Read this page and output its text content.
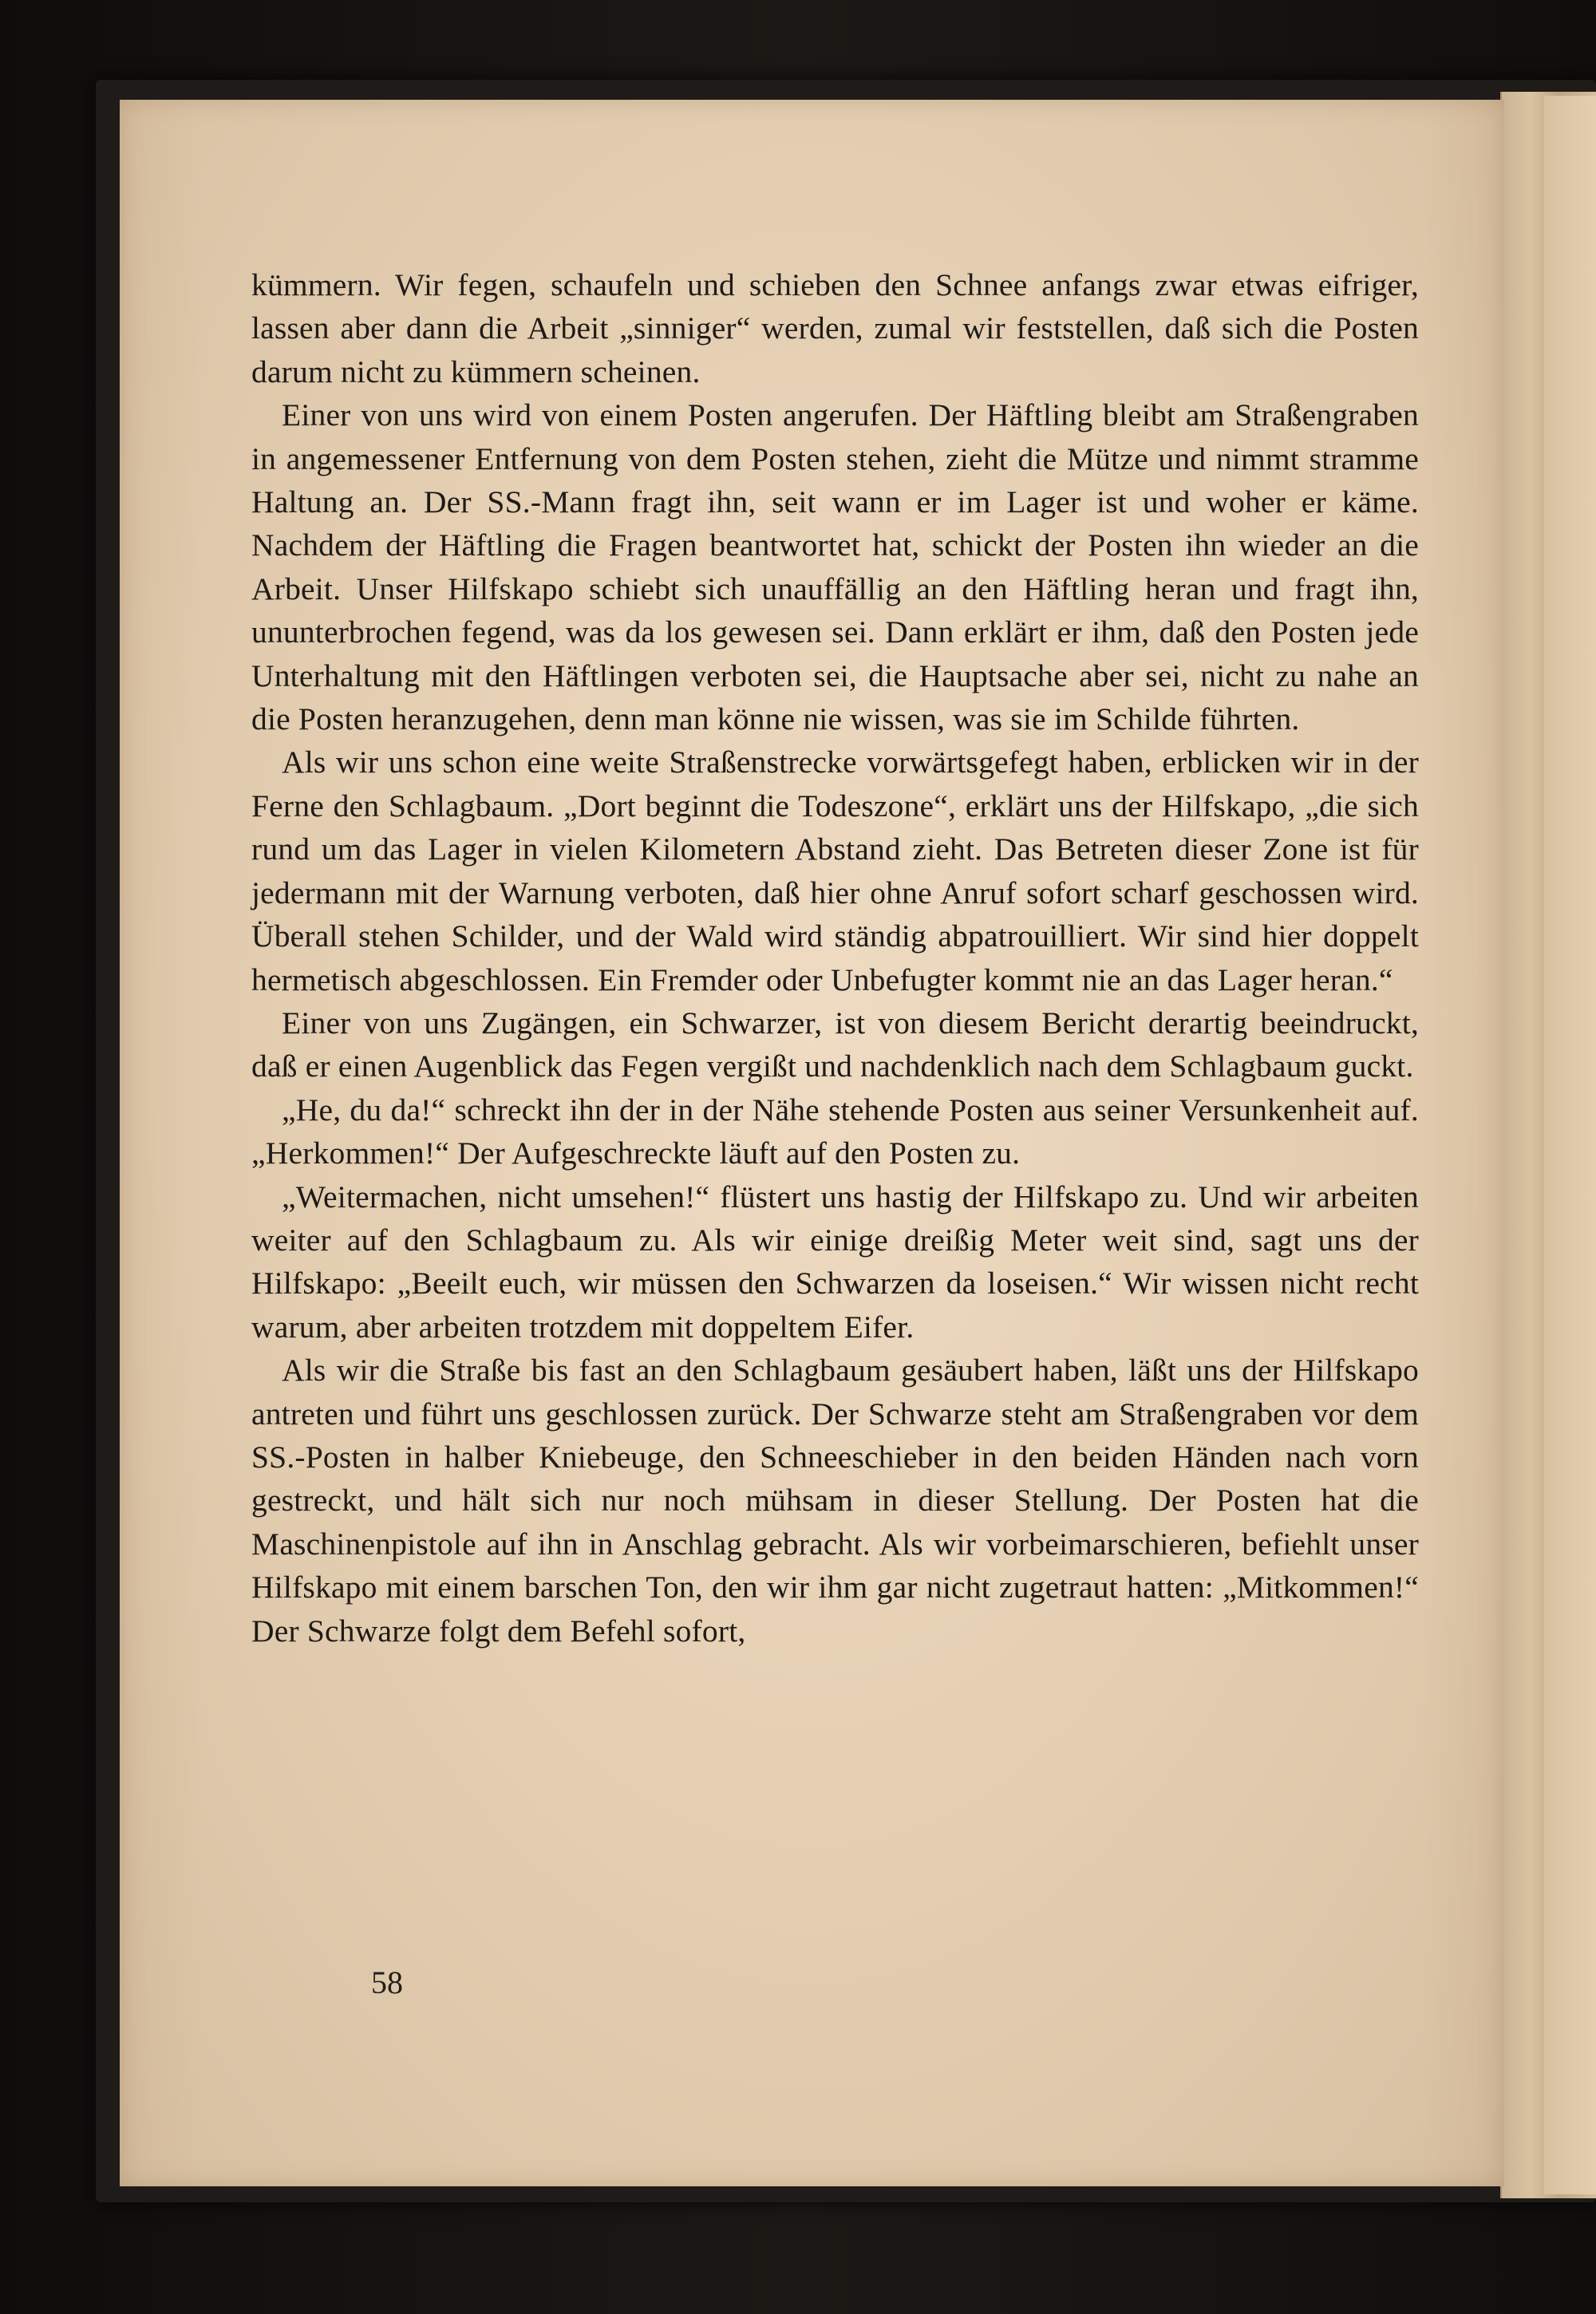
kümmern. Wir fegen, schaufeln und schieben den Schnee anfangs zwar etwas eifriger, lassen aber dann die Arbeit „sinniger“ werden, zumal wir feststellen, daß sich die Posten darum nicht zu kümmern scheinen.

Einer von uns wird von einem Posten angerufen. Der Häftling bleibt am Straßengraben in angemessener Entfernung von dem Posten stehen, zieht die Mütze und nimmt stramme Haltung an. Der SS.-Mann fragt ihn, seit wann er im Lager ist und woher er käme. Nachdem der Häftling die Fragen beantwortet hat, schickt der Posten ihn wieder an die Arbeit. Unser Hilfskapo schiebt sich unauffällig an den Häftling heran und fragt ihn, ununterbrochen fegend, was da los gewesen sei. Dann erklärt er ihm, daß den Posten jede Unterhaltung mit den Häftlingen verboten sei, die Hauptsache aber sei, nicht zu nahe an die Posten heranzugehen, denn man könne nie wissen, was sie im Schilde führten.

Als wir uns schon eine weite Straßenstrecke vorwärtsgefegt haben, erblicken wir in der Ferne den Schlagbaum. „Dort beginnt die Todeszone“, erklärt uns der Hilfskapo, „die sich rund um das Lager in vielen Kilometern Abstand zieht. Das Betreten dieser Zone ist für jedermann mit der Warnung verboten, daß hier ohne Anruf sofort scharf geschossen wird. Überall stehen Schilder, und der Wald wird ständig abpatrouilliert. Wir sind hier doppelt hermetisch abgeschlossen. Ein Fremder oder Unbefugter kommt nie an das Lager heran.“

Einer von uns Zugängen, ein Schwarzer, ist von diesem Bericht derartig beeindruckt, daß er einen Augenblick das Fegen vergißt und nachdenklich nach dem Schlagbaum guckt.

„He, du da!“ schreckt ihn der in der Nähe stehende Posten aus seiner Versunkenheit auf. „Herkommen!“ Der Aufgeschreckte läuft auf den Posten zu.

„Weitermachen, nicht umsehen!“ flüstert uns hastig der Hilfskapo zu. Und wir arbeiten weiter auf den Schlagbaum zu. Als wir einige dreißig Meter weit sind, sagt uns der Hilfskapo: „Beeilt euch, wir müssen den Schwarzen da loseisen.“ Wir wissen nicht recht warum, aber arbeiten trotzdem mit doppeltem Eifer.

Als wir die Straße bis fast an den Schlagbaum gesäubert haben, läßt uns der Hilfskapo antreten und führt uns geschlossen zurück. Der Schwarze steht am Straßengraben vor dem SS.-Posten in halber Kniebeuge, den Schneeschieber in den beiden Händen nach vorn gestreckt, und hält sich nur noch mühsam in dieser Stellung. Der Posten hat die Maschinenpistole auf ihn in Anschlag gebracht. Als wir vorbeimarschieren, befiehlt unser Hilfskapo mit einem barschen Ton, den wir ihm gar nicht zugetraut hatten: „Mitkommen!“ Der Schwarze folgt dem Befehl sofort,

58
